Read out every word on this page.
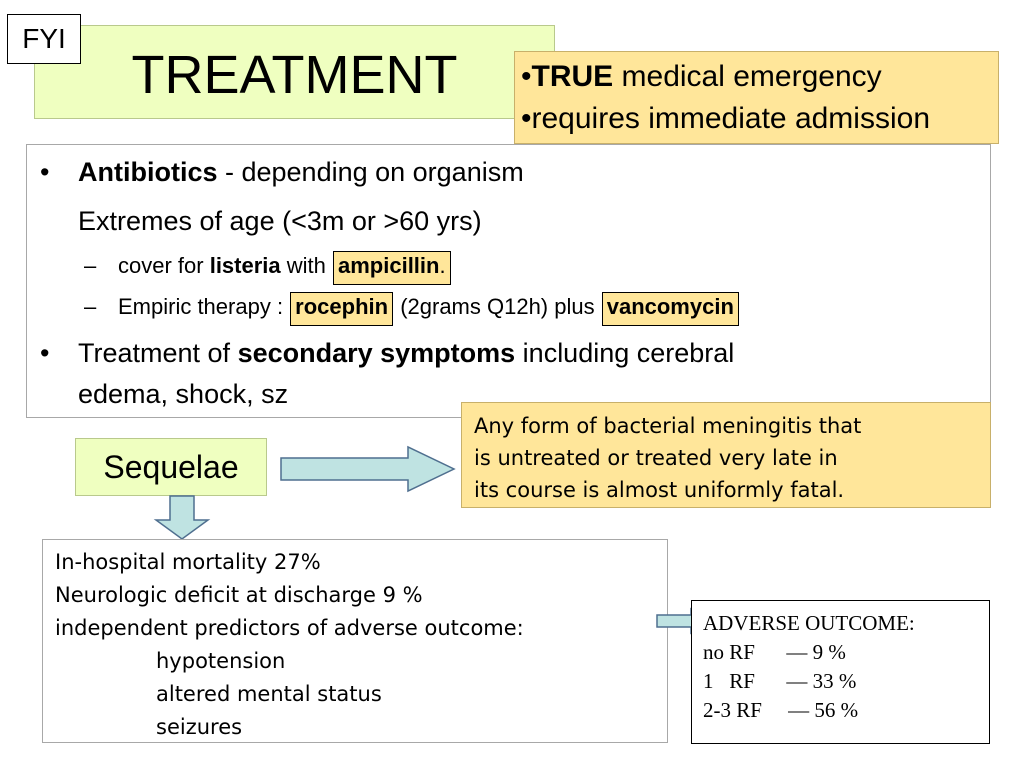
FYI
TREATMENT	•TRUE medical emergency
•requires immediate admission
• Antibiotics - depending on organism
Extremes of age (<3m or >60 yrs)
– cover for listeria with ampicillin.
– Empiric therapy : rocephin (2grams Q12h) plus vancomycin
• Treatment of secondary symptoms including cerebral
edema, shock, sz
Any form of bacterial meningitis that
is untreated or treated very late in
its course is almost uniformly fatal.
Sequelae
In-hospital mortality 27%
Neurologic deficit at discharge 9 %
independent predictors of adverse outcome:
hypotension
altered mental status
seizures
ADVERSE OUTCOME:
no RF      — 9 %
1   RF      — 33 %
2-3 RF     — 56 %
